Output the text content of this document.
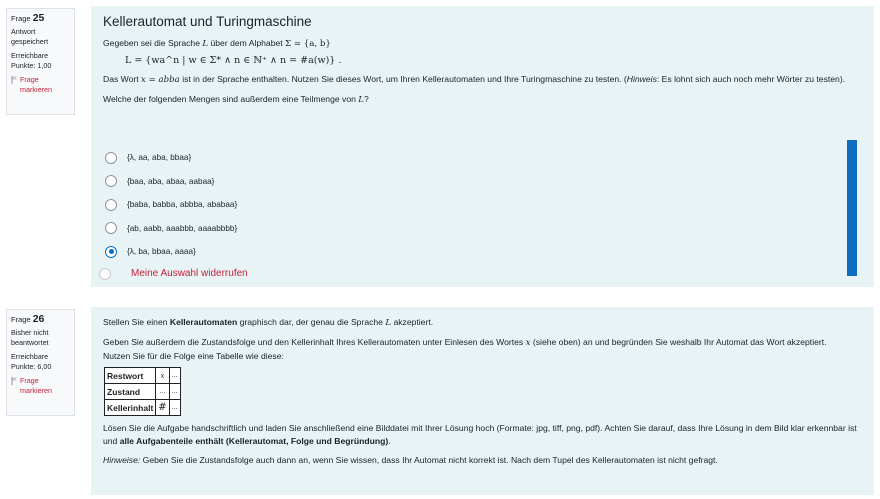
Frage 25
Antwort gespeichert
Erreichbare Punkte: 1,00
Frage markieren
Kellerautomat und Turingmaschine
Gegeben sei die Sprache L über dem Alphabet Σ = {a, b}
L = {wa^n | w ∈ Σ* ∧ n ∈ ℕ⁺ ∧ n = #a(w)} .
Das Wort x = abba ist in der Sprache enthalten. Nutzen Sie dieses Wort, um Ihren Kellerautomaten und Ihre Turingmaschine zu testen. (Hinweis: Es lohnt sich auch noch mehr Wörter zu testen).
Welche der folgenden Mengen sind außerdem eine Teilmenge von L?
{λ, aa, aba, bbaa}
{baa, aba, abaa, aabaa}
{baba, babba, abbba, ababaa}
{ab, aabb, aaabbb, aaaabbbb}
{λ, ba, bbaa, aaaa}
Meine Auswahl widerrufen
Frage 26
Bisher nicht beantwortet
Erreichbare Punkte: 6,00
Frage markieren
Stellen Sie einen Kellerautomaten graphisch dar, der genau die Sprache L akzeptiert.
Geben Sie außerdem die Zustandsfolge und den Kellerinhalt Ihres Kellerautomaten unter Einlesen des Wortes x (siehe oben) an und begründen Sie weshalb Ihr Automat das Wort akzeptiert.
Nutzen Sie für die Folge eine Tabelle wie diese:
Restwort	x	...
Zustand	...	...
Kellerinhalt	#	...
Lösen Sie die Aufgabe handschriftlich und laden Sie anschließend eine Bilddatei mit Ihrer Lösung hoch (Formate: jpg, tiff, png, pdf). Achten Sie darauf, dass Ihre Lösung in dem Bild klar erkennbar ist und alle Aufgabenteile enthält (Kellerautomat, Folge und Begründung).
Hinweise: Geben Sie die Zustandsfolge auch dann an, wenn Sie wissen, dass Ihr Automat nicht korrekt ist. Nach dem Tupel des Kellerautomaten ist nicht gefragt.
